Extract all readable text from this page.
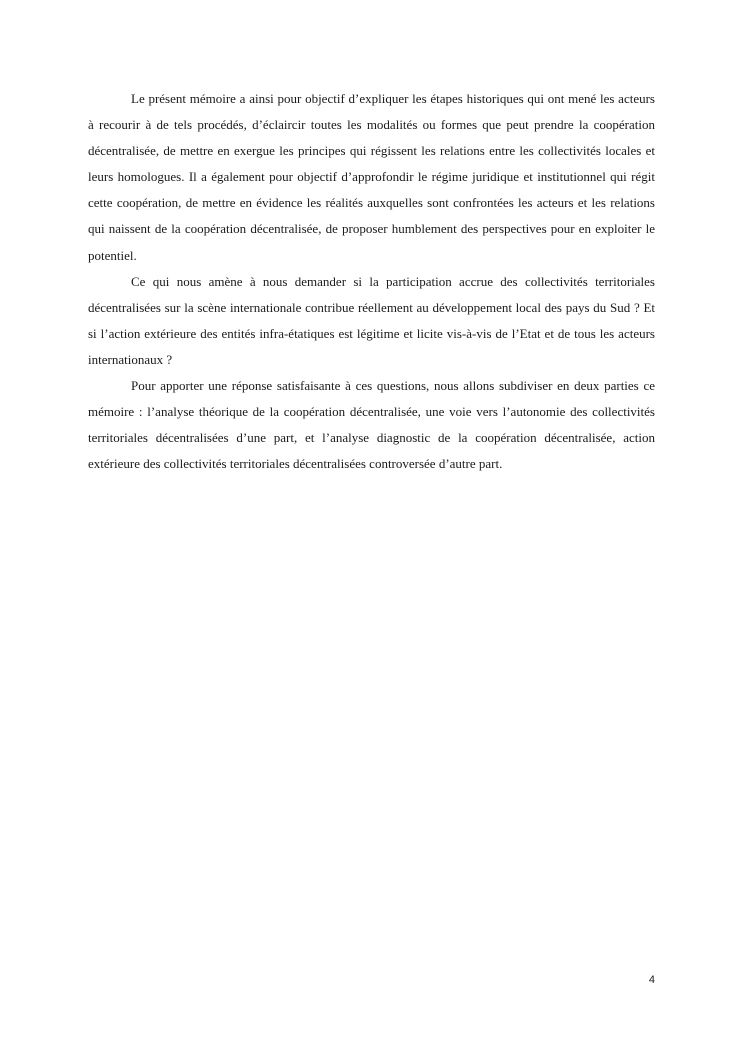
Le présent mémoire a ainsi pour objectif d’expliquer les étapes historiques qui ont mené les acteurs à recourir à de tels procédés, d’éclaircir toutes les modalités ou formes que peut prendre la coopération décentralisée, de mettre en exergue les principes qui régissent les relations entre les collectivités locales et leurs homologues. Il a également pour objectif d’approfondir le régime juridique et institutionnel qui régit cette coopération, de mettre en évidence les réalités auxquelles sont confrontées les acteurs et les relations qui naissent de la coopération décentralisée, de proposer humblement des perspectives pour en exploiter le potentiel.

Ce qui nous amène à nous demander si la participation accrue des collectivités territoriales décentralisées sur la scène internationale contribue réellement au développement local des pays du Sud ? Et si l’action extérieure des entités infra-étatiques est légitime et licite vis-à-vis de l’Etat et de tous les acteurs internationaux ?

Pour apporter une réponse satisfaisante à ces questions, nous allons subdiviser en deux parties ce mémoire : l’analyse théorique de la coopération décentralisée, une voie vers l’autonomie des collectivités territoriales décentralisées d’une part, et l’analyse diagnostic de la coopération décentralisée, action extérieure des collectivités territoriales décentralisées controversée d’autre part.

4
